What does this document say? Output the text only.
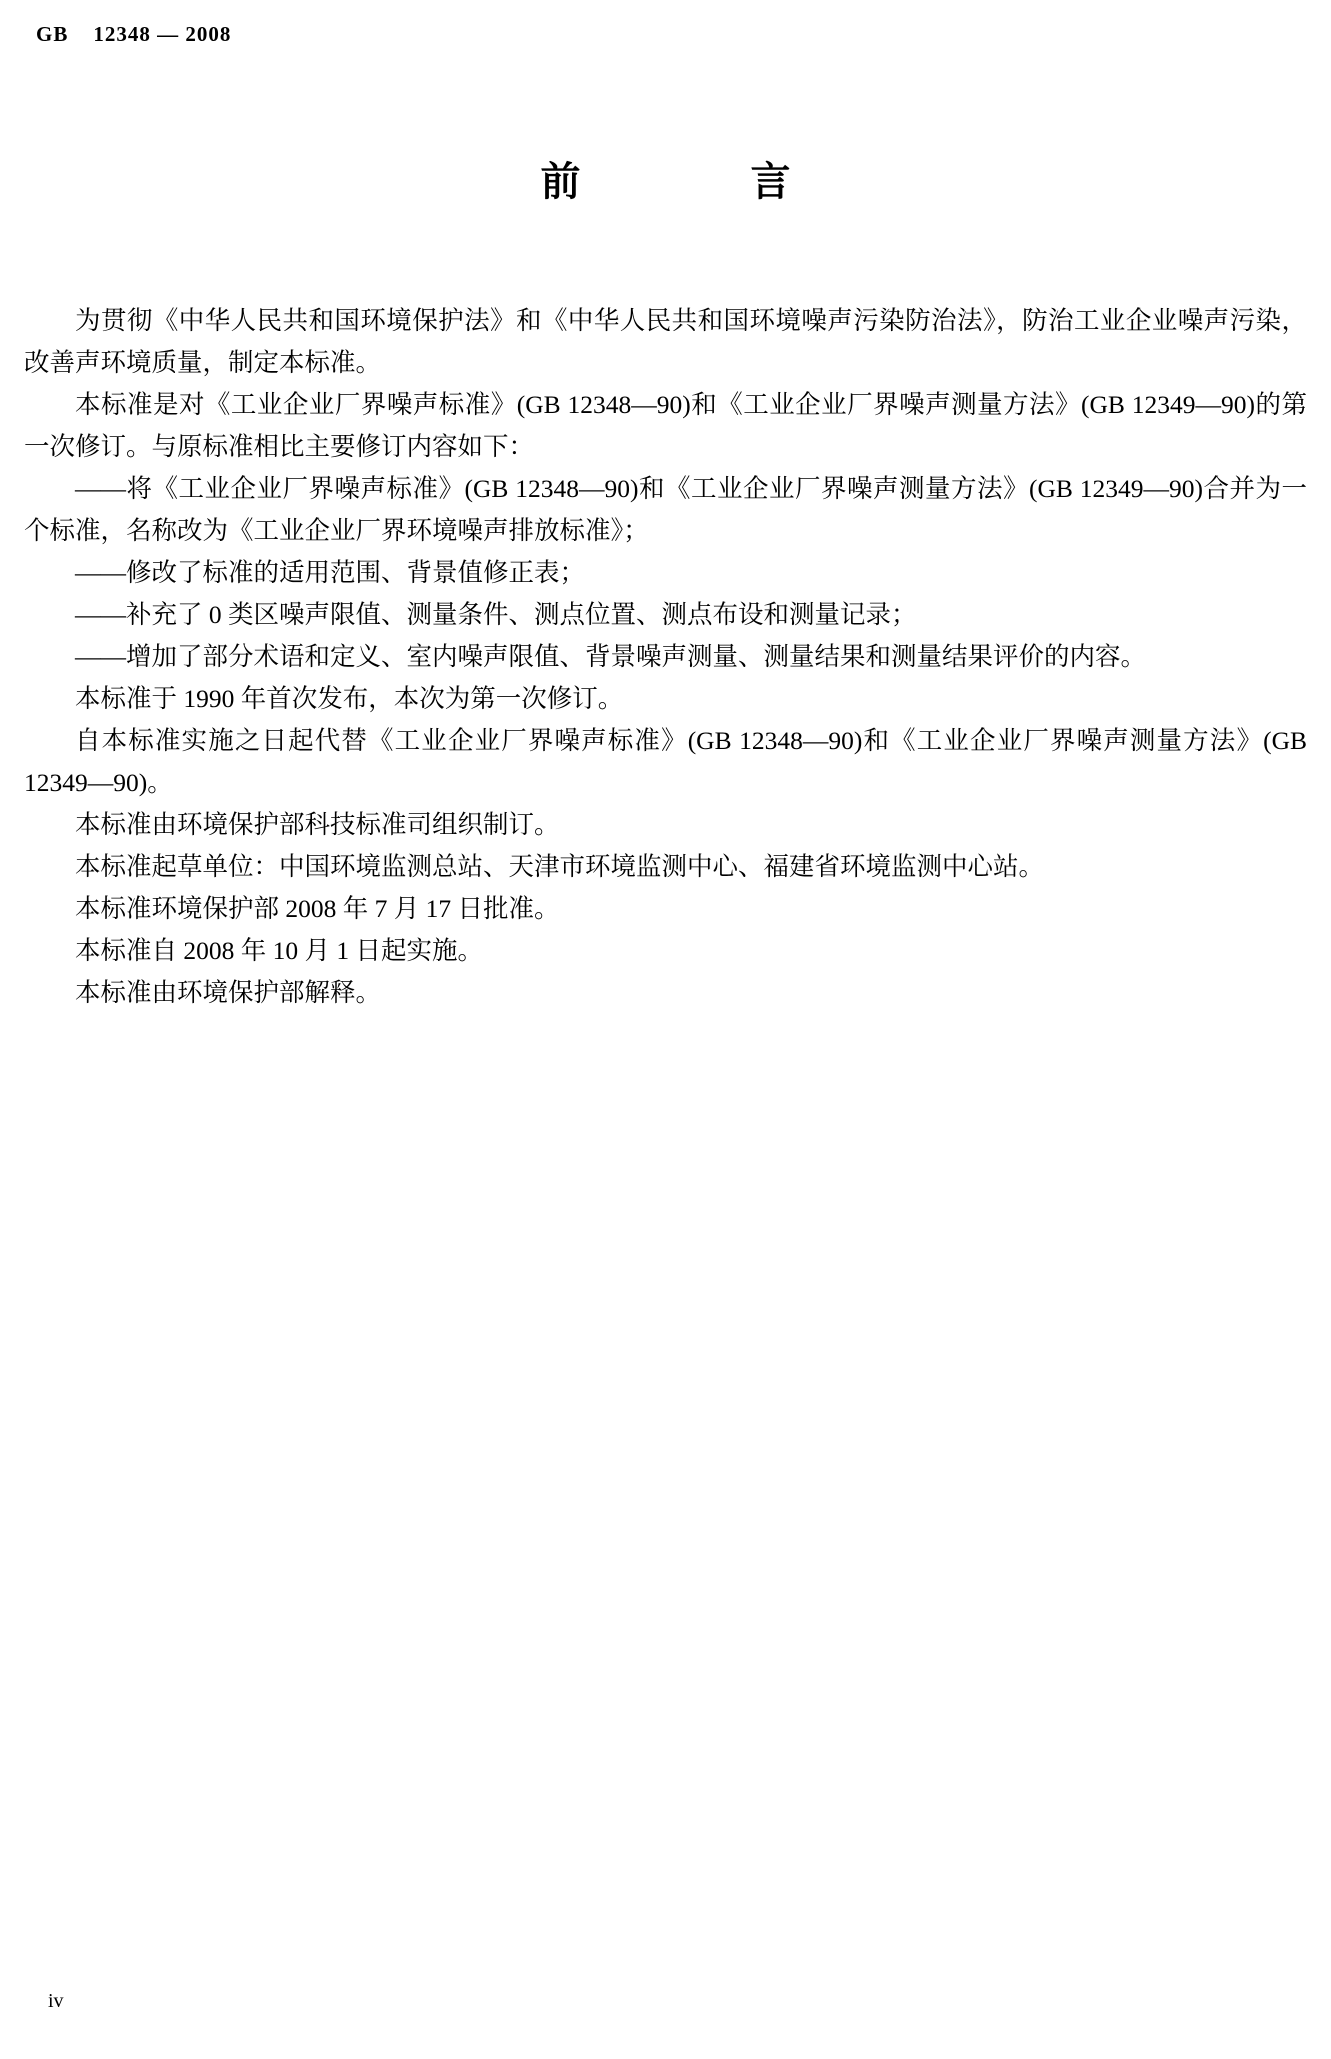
GB 12348 — 2008
前　　言

为贯彻《中华人民共和国环境保护法》和《中华人民共和国环境噪声污染防治法》，防治工业企业噪声污染，改善声环境质量，制定本标准。

本标准是对《工业企业厂界噪声标准》(GB 12348—90)和《工业企业厂界噪声测量方法》(GB 12349—90)的第一次修订。与原标准相比主要修订内容如下：

——将《工业企业厂界噪声标准》(GB 12348—90)和《工业企业厂界噪声测量方法》(GB 12349—90)合并为一个标准，名称改为《工业企业厂界环境噪声排放标准》；

——修改了标准的适用范围、背景值修正表；

——补充了 0 类区噪声限值、测量条件、测点位置、测点布设和测量记录；

——增加了部分术语和定义、室内噪声限值、背景噪声测量、测量结果和测量结果评价的内容。

本标准于 1990 年首次发布，本次为第一次修订。

自本标准实施之日起代替《工业企业厂界噪声标准》(GB 12348—90)和《工业企业厂界噪声测量方法》(GB 12349—90)。

本标准由环境保护部科技标准司组织制订。

本标准起草单位：中国环境监测总站、天津市环境监测中心、福建省环境监测中心站。

本标准环境保护部 2008 年 7 月 17 日批准。

本标准自 2008 年 10 月 1 日起实施。

本标准由环境保护部解释。

iv
